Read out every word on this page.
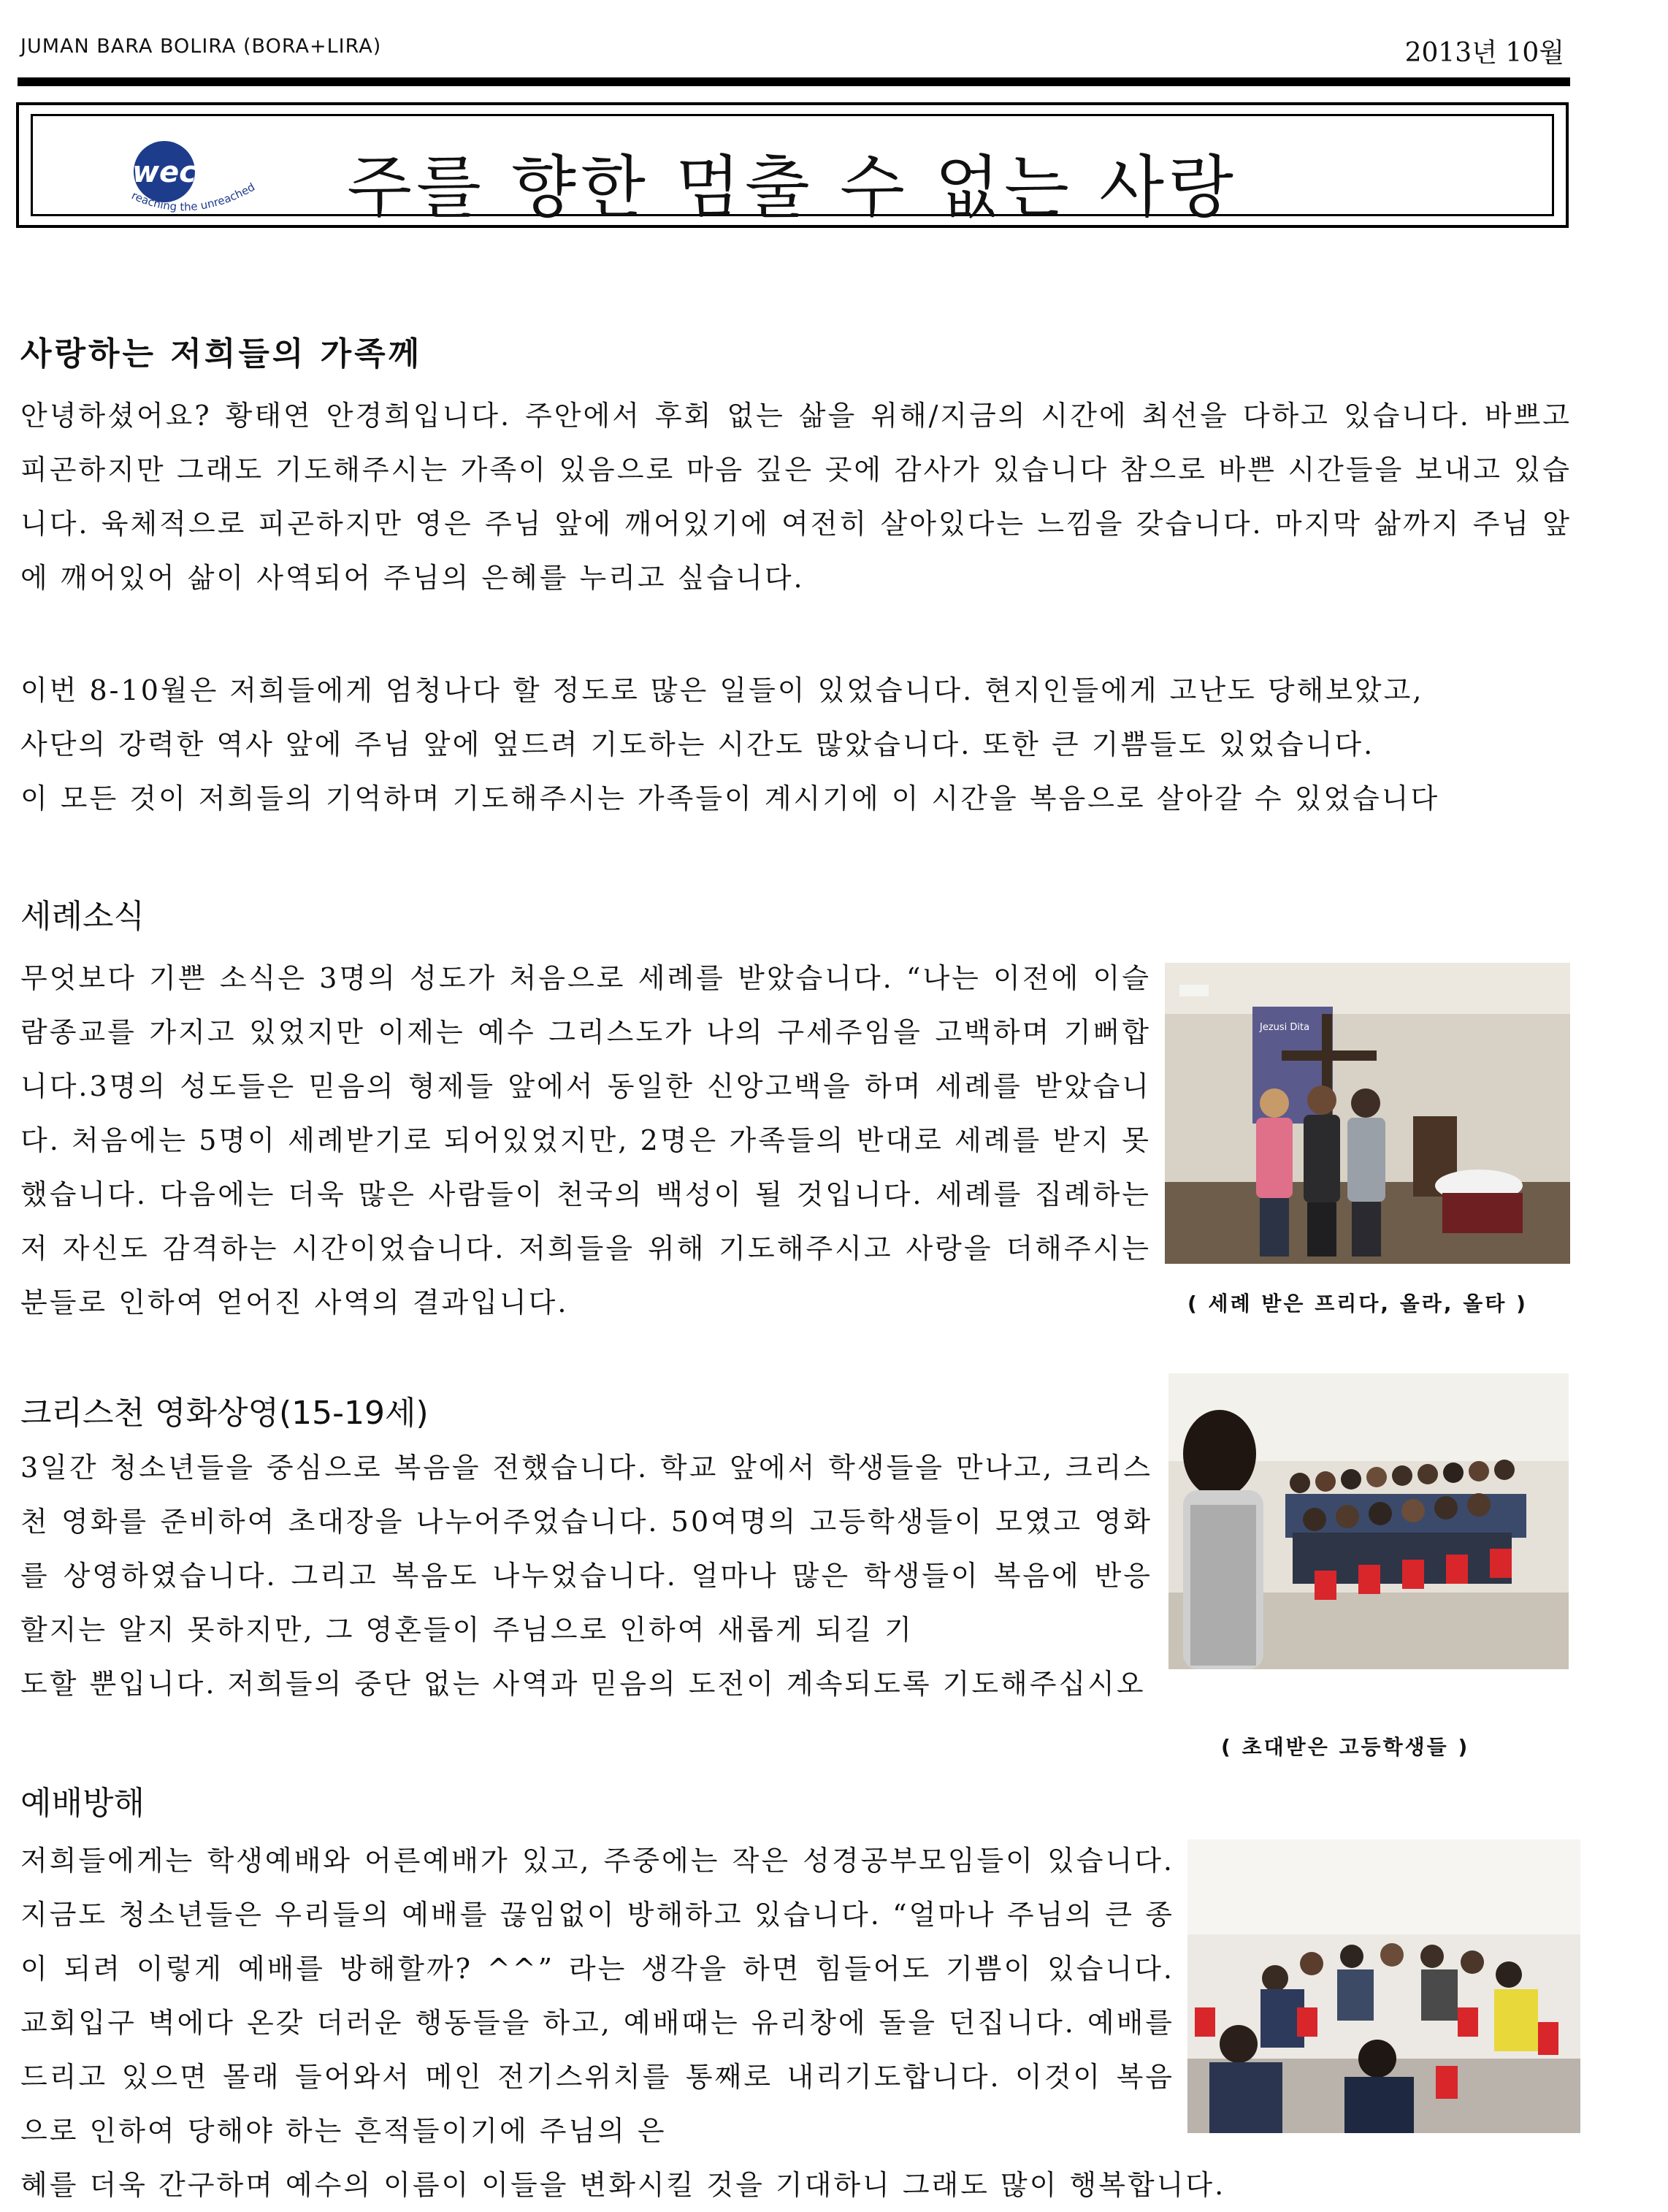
JUMAN BARA BOLIRA (BORA+LIRA)	2013년 10월
wec
reaching the unreached	주를 향한 멈출 수 없는 사랑
사랑하는 저희들의 가족께
안녕하셨어요? 황태연 안경희입니다. 주안에서 후회 없는 삶을 위해/지금의 시간에 최선을 다하고 있습니다. 바쁘고 피곤하지만 그래도 기도해주시는 가족이 있음으로 마음 깊은 곳에 감사가 있습니다 참으로 바쁜 시간들을 보내고 있습니다. 육체적으로 피곤하지만 영은 주님 앞에 깨어있기에 여전히 살아있다는 느낌을 갖습니다. 마지막 삶까지 주님 앞에 깨어있어 삶이 사역되어 주님의 은혜를 누리고 싶습니다.
이번 8-10월은 저희들에게 엄청나다 할 정도로 많은 일들이 있었습니다. 현지인들에게 고난도 당해보았고,
사단의 강력한 역사 앞에 주님 앞에 엎드려 기도하는 시간도 많았습니다. 또한 큰 기쁨들도 있었습니다.
이 모든 것이 저희들의 기억하며 기도해주시는 가족들이 계시기에 이 시간을 복음으로 살아갈 수 있었습니다
세례소식
무엇보다 기쁜 소식은 3명의 성도가 처음으로 세례를 받았습니다. “나는 이전에 이슬람종교를 가지고 있었지만 이제는 예수 그리스도가 나의 구세주임을 고백하며 기뻐합니다.3명의 성도들은 믿음의 형제들 앞에서 동일한 신앙고백을 하며 세례를 받았습니다. 처음에는 5명이 세례받기로 되어있었지만, 2명은 가족들의 반대로 세례를 받지 못했습니다. 다음에는 더욱 많은 사람들이 천국의 백성이 될 것입니다. 세례를 집례하는 저 자신도 감격하는 시간이었습니다. 저희들을 위해 기도해주시고 사랑을 더해주시는 분들로 인하여 얻어진 사역의 결과입니다.
Jezusi Dita
( 세례 받은 프리다, 올라, 올타 )
크리스천 영화상영(15-19세)
3일간 청소년들을 중심으로 복음을 전했습니다. 학교 앞에서 학생들을 만나고, 크리스천 영화를 준비하여 초대장을 나누어주었습니다. 50여명의 고등학생들이 모였고 영화를 상영하였습니다. 그리고 복음도 나누었습니다. 얼마나 많은 학생들이 복음에 반응할지는 알지 못하지만, 그 영혼들이 주님으로 인하여 새롭게 되길 기
도할 뿐입니다. 저희들의 중단 없는 사역과 믿음의 도전이 계속되도록 기도해주십시오
( 초대받은 고등학생들 )
예배방해
저희들에게는 학생예배와 어른예배가 있고, 주중에는 작은 성경공부모임들이 있습니다. 지금도 청소년들은 우리들의 예배를 끊임없이 방해하고 있습니다. “얼마나 주님의 큰 종이 되려 이렇게 예배를 방해할까? ^^” 라는 생각을 하면 힘들어도 기쁨이 있습니다. 교회입구 벽에다 온갖 더러운 행동들을 하고, 예배때는 유리창에 돌을 던집니다. 예배를 드리고 있으면 몰래 들어와서 메인 전기스위치를 통째로 내리기도합니다. 이것이 복음으로 인하여 당해야 하는 흔적들이기에 주님의 은
혜를 더욱 간구하며 예수의 이름이 이들을 변화시킬 것을 기대하니 그래도 많이 행복합니다.
